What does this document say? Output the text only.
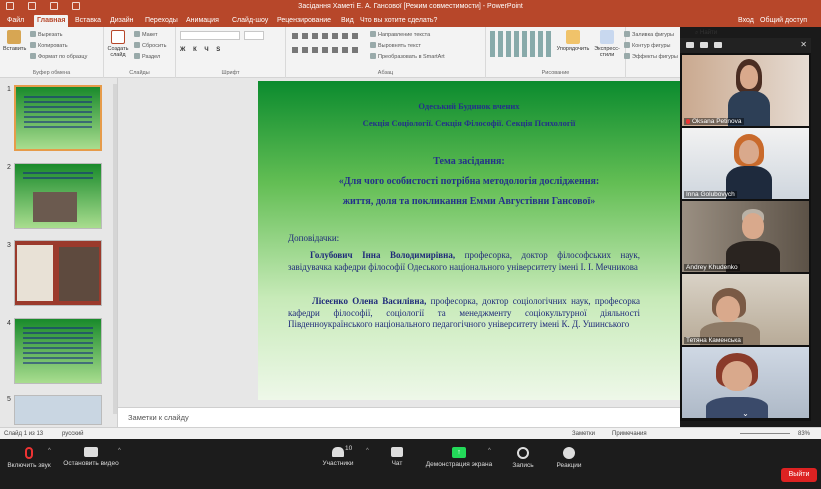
Засідання Хаметі Е. А. Гансової [Режим совместимости] - PowerPoint
Файл	Главная	Вставка	Дизайн	Переходы	Анимация	Слайд-шоу	Рецензирование	Вид Что вы хотите сделать?	Вход Общий доступ
Вставить
Вырезать
Копировать
Формат по образцу
Буфер обмена
Создать слайд
Макет
Сбросить
Раздел
Слайды
Ж К Ч S
Шрифт
Направление текста
Выровнять текст
Преобразовать в SmartArt
Абзац
Упорядочить Экспресс-стили
Рисование
Заливка фигуры
Контур фигуры
Эффекты фигуры
⌕ Найти
1
2
3
4
5
Одеський Будинок вчених
Секція Соціології. Секція Філософії. Секція Психології
Тема засідання:
«Для чого особистості потрібна методологія дослідження:
життя, доля та покликання Емми Августівни Гансової»
Доповідачки:
Голубович Інна Володимирівна, професорка, доктор філософських наук, завідувачка кафедри філософії Одеського національного університету імені І. І. Мечникова
Лісеєнко Олена Василівна, професорка, доктор соціологічних наук, професорка кафедри філософії, соціології та менеджменту соціокультурної діяльності Південноукраїнського національного педагогічного університету імені К. Д. Ушинського
Заметки к слайду
Слайд 1 из 13	русский	Заметки	Примечания	83%
✕
Oksana Petinova
Inna Golubovych
Andrey Khudenko
Тетяна Каменська
⌄
Включить звук
^
Остановить видео
^
Участники
10 ^
Чат
↑
Демонстрация экрана
^
Запись	Реакции
Выйти
